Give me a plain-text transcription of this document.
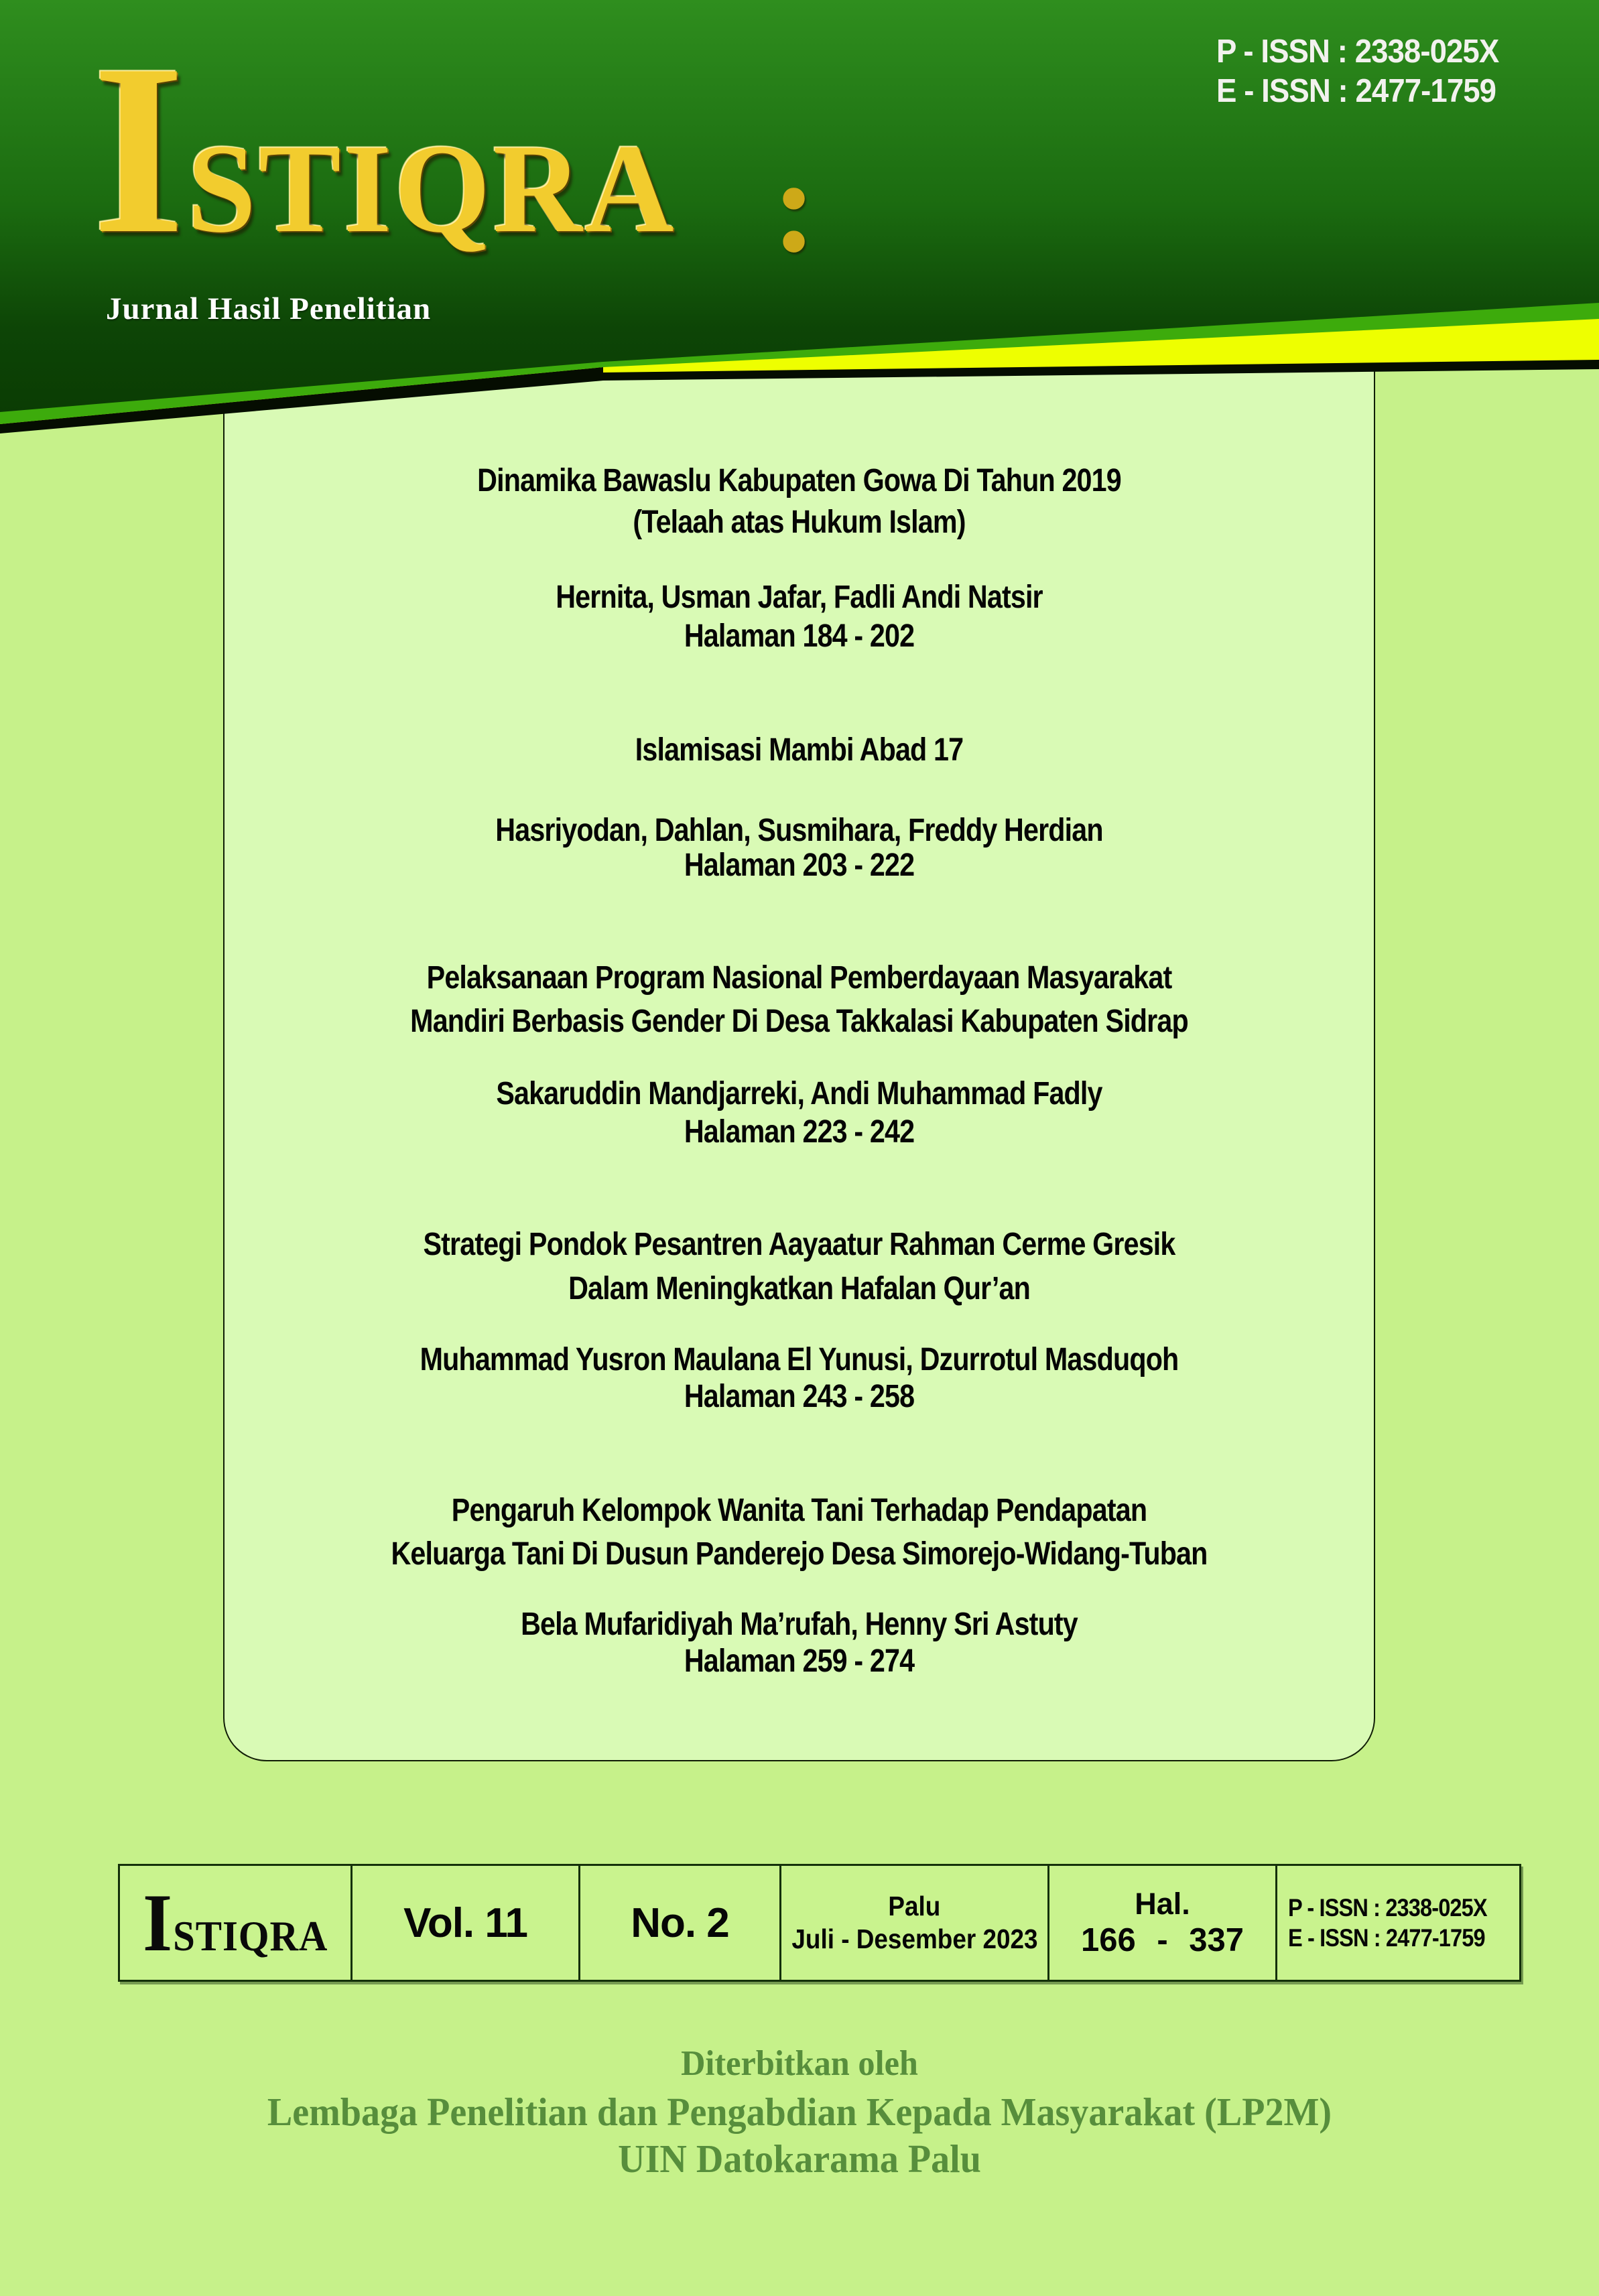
Dinamika Bawaslu Kabupaten Gowa Di Tahun 2019
(Telaah atas Hukum Islam)
Hernita, Usman Jafar, Fadli Andi Natsir
Halaman 184 - 202
Islamisasi Mambi Abad 17
Hasriyodan, Dahlan, Susmihara, Freddy Herdian
Halaman 203 - 222
Pelaksanaan Program Nasional Pemberdayaan Masyarakat
Mandiri Berbasis Gender Di Desa Takkalasi Kabupaten Sidrap
Sakaruddin Mandjarreki, Andi Muhammad Fadly
Halaman 223 - 242
Strategi Pondok Pesantren Aayaatur Rahman Cerme Gresik
Dalam Meningkatkan Hafalan Qur’an
Muhammad Yusron Maulana El Yunusi, Dzurrotul Masduqoh
Halaman 243 - 258
Pengaruh Kelompok Wanita Tani Terhadap Pendapatan
Keluarga Tani Di Dusun Panderejo Desa Simorejo-Widang-Tuban
Bela Mufaridiyah Ma’rufah, Henny Sri Astuty
Halaman 259 - 274
Istiqra :
Jurnal Hasil Penelitian
P - ISSN : 2338-025X
E - ISSN : 2477-1759
Istiqra Vol. 11 No. 2	Palu
Juli - Desember 2023
Hal.
166 - 337
P - ISSN : 2338-025X
E - ISSN : 2477-1759
Diterbitkan oleh
Lembaga Penelitian dan Pengabdian Kepada Masyarakat (LP2M)
UIN Datokarama Palu
